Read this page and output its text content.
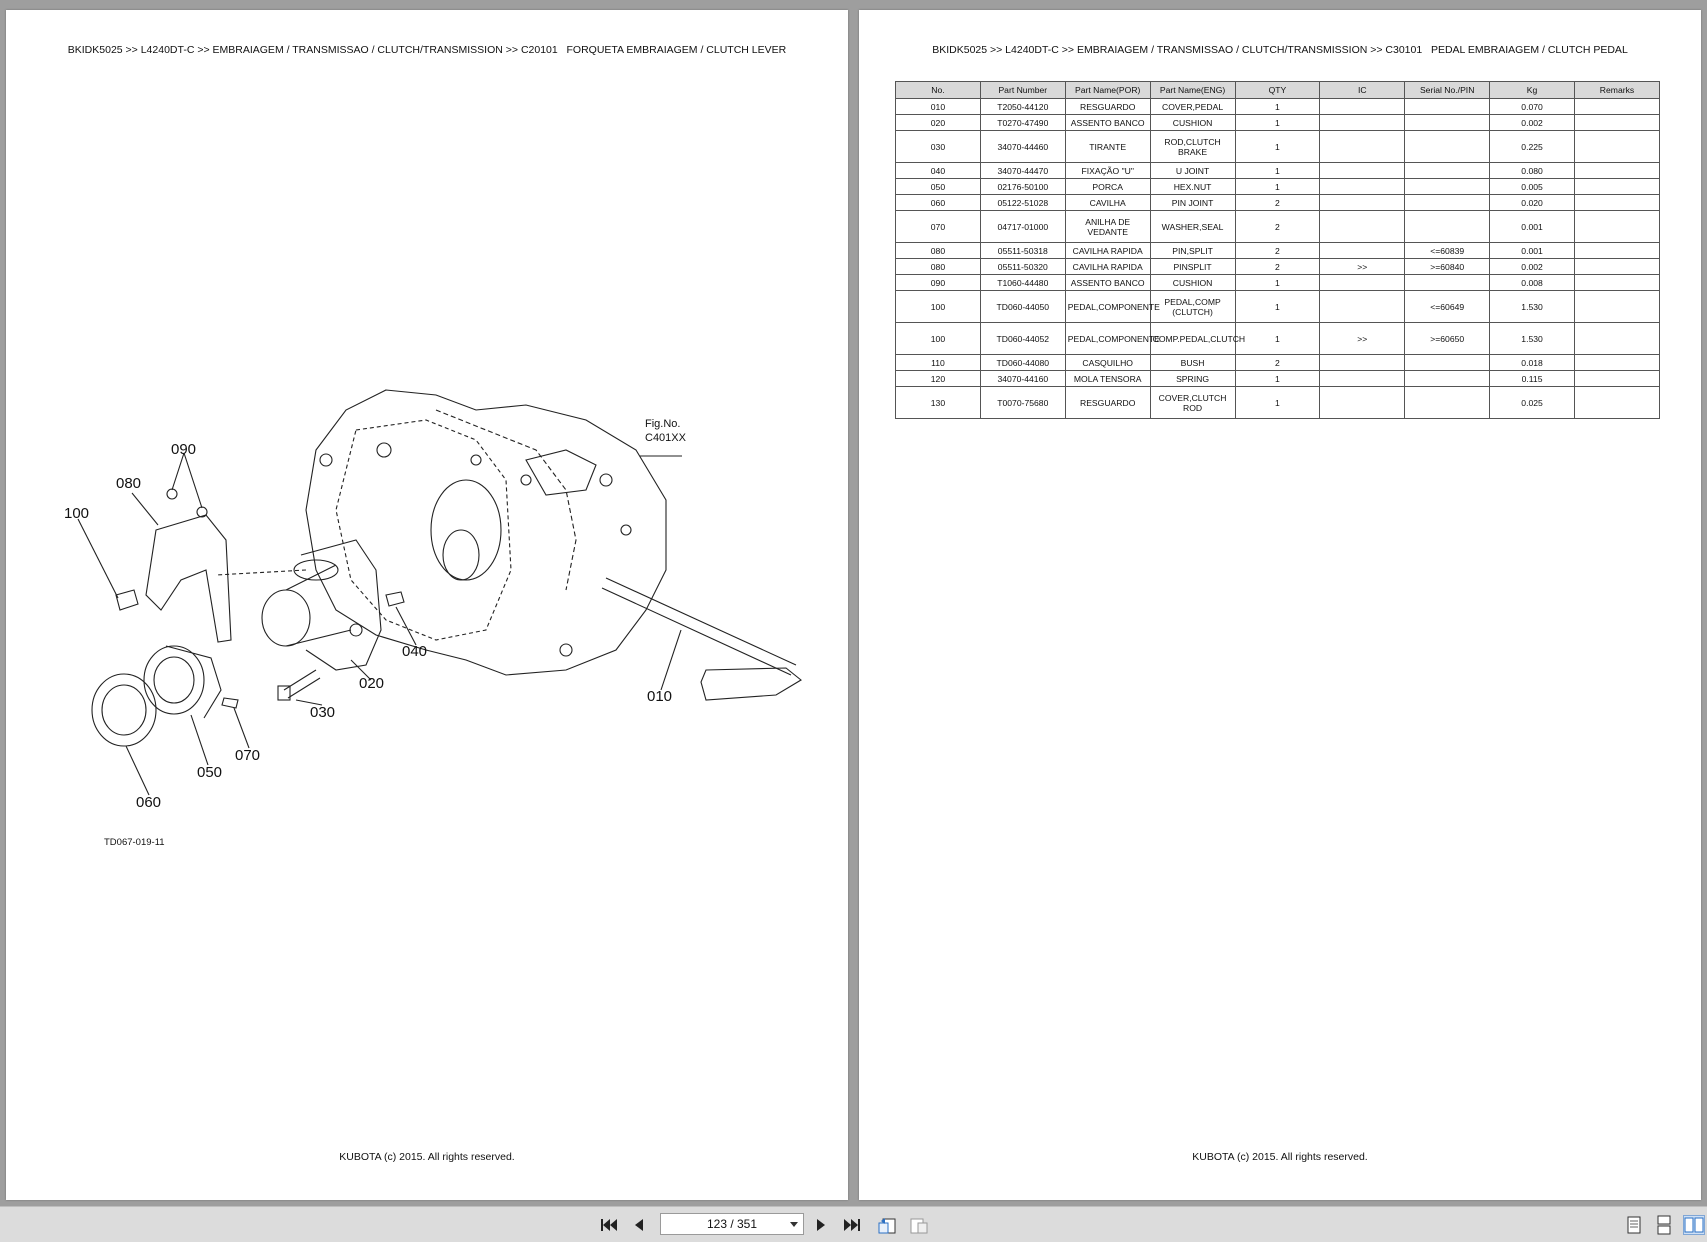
BKIDK5025 >> L4240DT-C >> EMBRAIAGEM / TRANSMISSAO / CLUTCH/TRANSMISSION >> C20101   FORQUETA EMBRAIAGEM / CLUTCH LEVER
090
080
100
040
020
030
010
070
050
060
Fig.No.
C401XX
TD067-019-11
KUBOTA (c) 2015. All rights reserved.
BKIDK5025 >> L4240DT-C >> EMBRAIAGEM / TRANSMISSAO / CLUTCH/TRANSMISSION >> C30101   PEDAL EMBRAIAGEM / CLUTCH PEDAL
No.	Part Number	Part Name(POR)	Part Name(ENG)	QTY	IC	Serial No./PIN	Kg	Remarks
010	T2050-44120	RESGUARDO	COVER,PEDAL	1			0.070	
020	T0270-47490	ASSENTO BANCO	CUSHION	1			0.002	
030	34070-44460	TIRANTE	ROD,CLUTCH BRAKE	1			0.225	
040	34070-44470	FIXAÇÃO "U"	U JOINT	1			0.080	
050	02176-50100	PORCA	HEX.NUT	1			0.005	
060	05122-51028	CAVILHA	PIN JOINT	2			0.020	
070	04717-01000	ANILHA DE VEDANTE	WASHER,SEAL	2			0.001	
080	05511-50318	CAVILHA RAPIDA	PIN,SPLIT	2		<=60839	0.001	
080	05511-50320	CAVILHA RAPIDA	PINSPLIT	2	>>	>=60840	0.002	
090	T1060-44480	ASSENTO BANCO	CUSHION	1			0.008	
100	TD060-44050	PEDAL,COMPONENTE	PEDAL,COMP (CLUTCH)	1		<=60649	1.530	
100	TD060-44052	PEDAL,COMPONENTE	COMP.PEDAL,CLUTCH	1	>>	>=60650	1.530	
110	TD060-44080	CASQUILHO	BUSH	2			0.018	
120	34070-44160	MOLA TENSORA	SPRING	1			0.115	
130	T0070-75680	RESGUARDO	COVER,CLUTCH ROD	1			0.025	
KUBOTA (c) 2015. All rights reserved.
123 / 351
